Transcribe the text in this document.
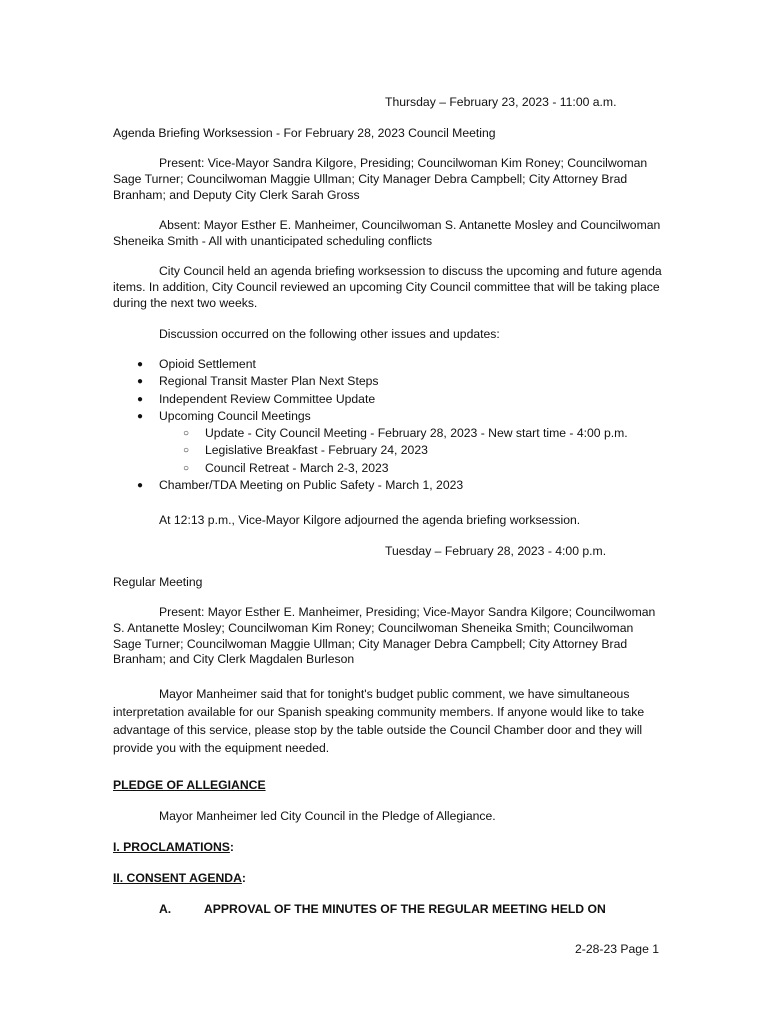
Thursday – February 23, 2023 - 11:00 a.m.
Agenda Briefing Worksession - For February 28, 2023 Council Meeting
Present: Vice-Mayor Sandra Kilgore, Presiding; Councilwoman Kim Roney; Councilwoman Sage Turner; Councilwoman Maggie Ullman; City Manager Debra Campbell; City Attorney Brad Branham; and Deputy City Clerk Sarah Gross
Absent: Mayor Esther E. Manheimer, Councilwoman S. Antanette Mosley and Councilwoman Sheneika Smith - All with unanticipated scheduling conflicts
City Council held an agenda briefing worksession to discuss the upcoming and future agenda items. In addition, City Council reviewed an upcoming City Council committee that will be taking place during the next two weeks.
Discussion occurred on the following other issues and updates:
● Opioid Settlement
● Regional Transit Master Plan Next Steps
● Independent Review Committee Update
● Upcoming Council Meetings
○ Update - City Council Meeting - February 28, 2023 - New start time - 4:00 p.m.
○ Legislative Breakfast - February 24, 2023
○ Council Retreat - March 2-3, 2023
● Chamber/TDA Meeting on Public Safety - March 1, 2023
At 12:13 p.m., Vice-Mayor Kilgore adjourned the agenda briefing worksession.
Tuesday – February 28, 2023 - 4:00 p.m.
Regular Meeting
Present: Mayor Esther E. Manheimer, Presiding; Vice-Mayor Sandra Kilgore; Councilwoman S. Antanette Mosley; Councilwoman Kim Roney; Councilwoman Sheneika Smith; Councilwoman Sage Turner; Councilwoman Maggie Ullman; City Manager Debra Campbell; City Attorney Brad Branham; and City Clerk Magdalen Burleson
Mayor Manheimer said that for tonight's budget public comment, we have simultaneous interpretation available for our Spanish speaking community members. If anyone would like to take advantage of this service, please stop by the table outside the Council Chamber door and they will provide you with the equipment needed.
PLEDGE OF ALLEGIANCE
Mayor Manheimer led City Council in the Pledge of Allegiance.
I. PROCLAMATIONS:
II. CONSENT AGENDA:
A.	APPROVAL OF THE MINUTES OF THE REGULAR MEETING HELD ON
2-28-23 Page 1
